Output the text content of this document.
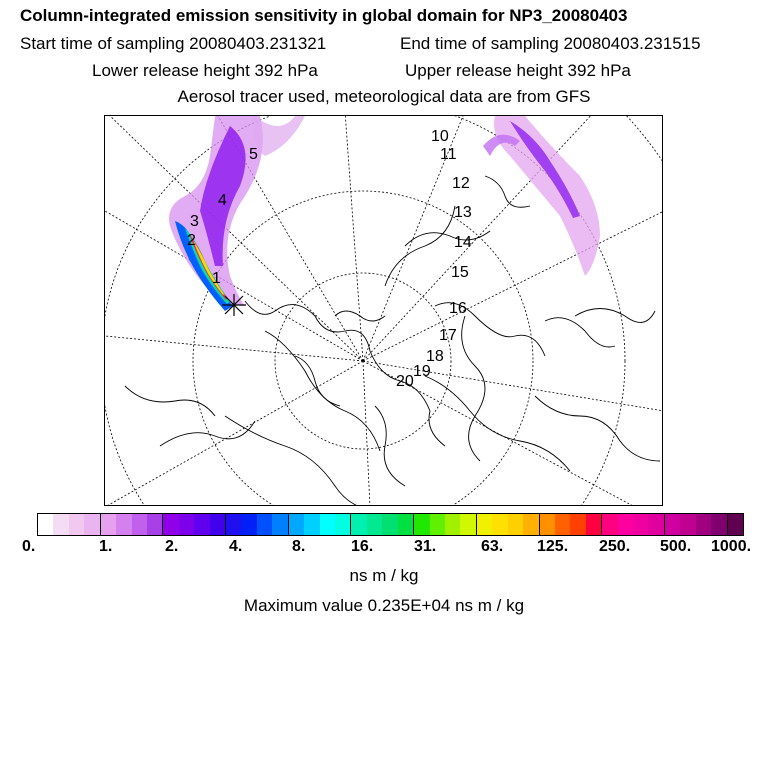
Column-integrated emission sensitivity in global domain for NP3_20080403
Start time of sampling 20080403.231321	End time of sampling 20080403.231515
Lower release height 392 hPa	Upper release height 392 hPa
Aerosol tracer used, meteorological data are from GFS
1
2
3
4
5
10
11
12
13
14
15
16
17
18
19
20
0.	1.	2.	4.	8.	16.	31.	63. 125. 250. 500. 1000.
ns m / kg
Maximum value 0.235E+04 ns m / kg
